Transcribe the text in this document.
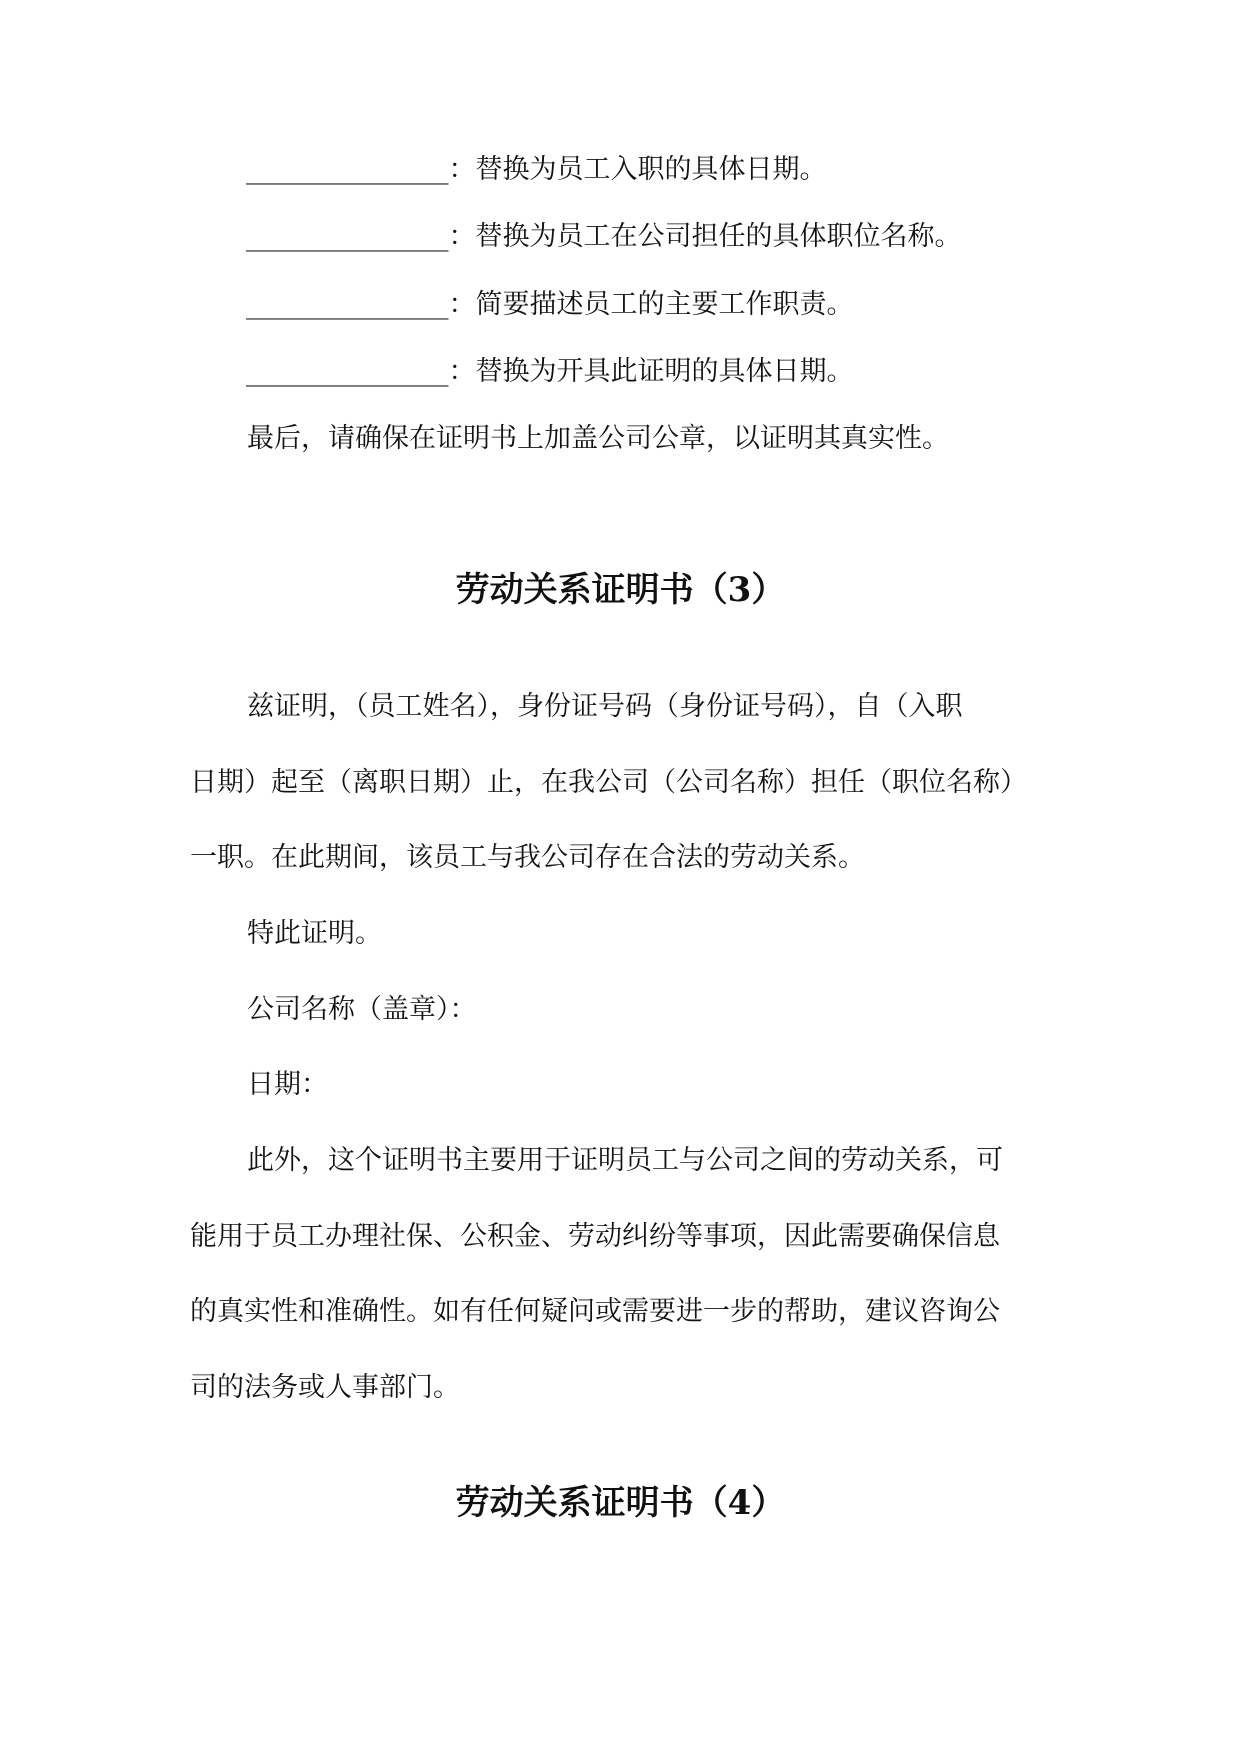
_______________：替换为员工入职的具体日期。
_______________：替换为员工在公司担任的具体职位名称。
_______________：简要描述员工的主要工作职责。
_______________：替换为开具此证明的具体日期。
最后，请确保在证明书上加盖公司公章，以证明其真实性。
劳动关系证明书（3）
兹证明，（员工姓名），身份证号码（身份证号码），自（入职
日期）起至（离职日期）止，在我公司（公司名称）担任（职位名称）
一职。在此期间，该员工与我公司存在合法的劳动关系。
特此证明。
公司名称（盖章）：
日期：
此外，这个证明书主要用于证明员工与公司之间的劳动关系，可
能用于员工办理社保、公积金、劳动纠纷等事项，因此需要确保信息
的真实性和准确性。如有任何疑问或需要进一步的帮助，建议咨询公
司的法务或人事部门。
劳动关系证明书（4）
